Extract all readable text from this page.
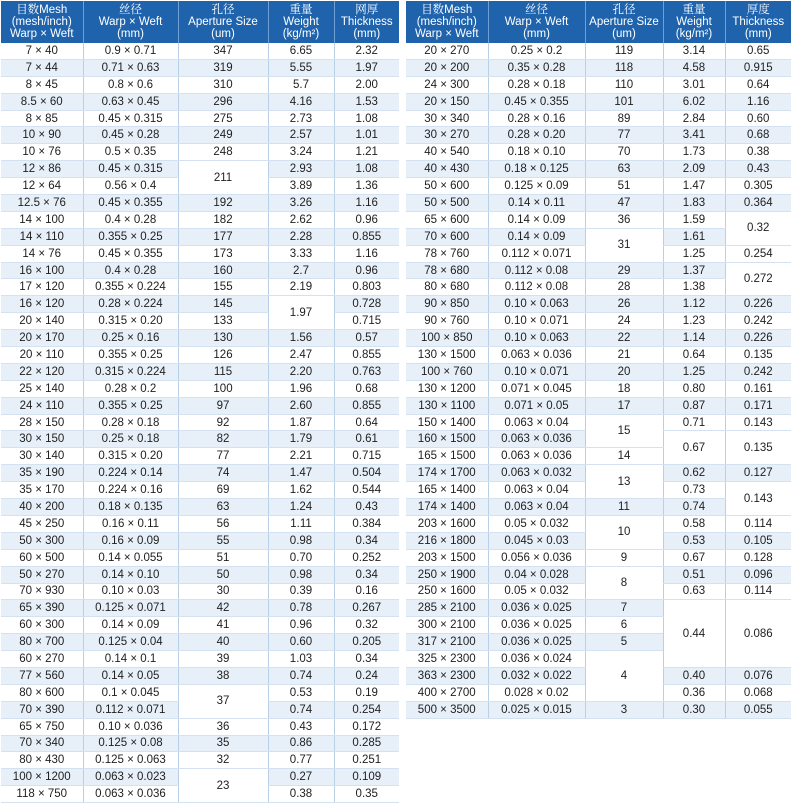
目数Mesh
(mesh/inch)
Warp × Weft	丝径
Warp × Weft
(mm)	孔径
Aperture Size
(um)	重量
Weight
(kg/m²)	网厚
Thickness
(mm)

7 × 40	0.9 × 0.71	347	6.65	2.32
7 × 44	0.71 × 0.63	319	5.55	1.97
8 × 45	0.8 × 0.6	310	5.7	2.00
8.5 × 60	0.63 × 0.45	296	4.16	1.53
8 × 85	0.45 × 0.315	275	2.73	1.08
10 × 90	0.45 × 0.28	249	2.57	1.01
10 × 76	0.5 × 0.35	248	3.24	1.21
12 × 86	0.45 × 0.315	211	2.93	1.08
12 × 64	0.56 × 0.4		3.89	1.36
12.5 × 76	0.45 × 0.355	192	3.26	1.16
14 × 100	0.4 × 0.28	182	2.62	0.96
14 × 110	0.355 × 0.25	177	2.28	0.855
14 × 76	0.45 × 0.355	173	3.33	1.16
16 × 100	0.4 × 0.28	160	2.7	0.96
17 × 120	0.355 × 0.224	155	2.19	0.803
16 × 120	0.28 × 0.224	145	1.97	0.728
20 × 140	0.315 × 0.20	133		0.715
20 × 170	0.25 × 0.16	130	1.56	0.57
20 × 110	0.355 × 0.25	126	2.47	0.855
22 × 120	0.315 × 0.224	115	2.20	0.763
25 × 140	0.28 × 0.2	100	1.96	0.68
24 × 110	0.355 × 0.25	97	2.60	0.855
28 × 150	0.28 × 0.18	92	1.87	0.64
30 × 150	0.25 × 0.18	82	1.79	0.61
30 × 140	0.315 × 0.20	77	2.21	0.715
35 × 190	0.224 × 0.14	74	1.47	0.504
35 × 170	0.224 × 0.16	69	1.62	0.544
40 × 200	0.18 × 0.135	63	1.24	0.43
45 × 250	0.16 × 0.11	56	1.11	0.384
50 × 300	0.16 × 0.09	55	0.98	0.34
60 × 500	0.14 × 0.055	51	0.70	0.252
50 × 270	0.14 × 0.10	50	0.98	0.34
70 × 930	0.10 × 0.03	30	0.39	0.16
65 × 390	0.125 × 0.071	42	0.78	0.267
60 × 300	0.14 × 0.09	41	0.96	0.32
80 × 700	0.125 × 0.04	40	0.60	0.205
60 × 270	0.14 × 0.1	39	1.03	0.34
77 × 560	0.14 × 0.05	38	0.74	0.24
80 × 600	0.1 × 0.045	37	0.53	0.19
70 × 390	0.112 × 0.071		0.74	0.254
65 × 750	0.10 × 0.036	36	0.43	0.172
70 × 340	0.125 × 0.08	35	0.86	0.285
80 × 430	0.125 × 0.063	32	0.77	0.251
100 × 1200	0.063 × 0.023	23	0.27	0.109
118 × 750	0.063 × 0.036		0.38	0.35
目数Mesh
(mesh/inch)
Warp × Weft	丝径
Warp × Weft
(mm)	孔径
Aperture Size
(um)	重量
Weight
(kg/m²)	厚度
Thickness
(mm)

20 × 270	0.25 × 0.2	119	3.14	0.65
20 × 200	0.35 × 0.28	118	4.58	0.915
24 × 300	0.28 × 0.18	110	3.01	0.64
20 × 150	0.45 × 0.355	101	6.02	1.16
30 × 340	0.28 × 0.16	89	2.84	0.60
30 × 270	0.28 × 0.20	77	3.41	0.68
40 × 540	0.18 × 0.10	70	1.73	0.38
40 × 430	0.18 × 0.125	63	2.09	0.43
50 × 600	0.125 × 0.09	51	1.47	0.305
50 × 500	0.14 × 0.11	47	1.83	0.364
65 × 600	0.14 × 0.09	36	1.59	0.32
70 × 600	0.14 × 0.09	31	1.61	
78 × 760	0.112 × 0.071		1.25	0.254
78 × 680	0.112 × 0.08	29	1.37	0.272
80 × 680	0.112 × 0.08	28	1.38	
90 × 850	0.10 × 0.063	26	1.12	0.226
90 × 760	0.10 × 0.071	24	1.23	0.242
100 × 850	0.10 × 0.063	22	1.14	0.226
130 × 1500	0.063 × 0.036	21	0.64	0.135
100 × 760	0.10 × 0.071	20	1.25	0.242
130 × 1200	0.071 × 0.045	18	0.80	0.161
130 × 1100	0.071 × 0.05	17	0.87	0.171
150 × 1400	0.063 × 0.04	15	0.71	0.143
160 × 1500	0.063 × 0.036		0.67	0.135
165 × 1500	0.063 × 0.036	14		
174 × 1700	0.063 × 0.032	13	0.62	0.127
165 × 1400	0.063 × 0.04		0.73	0.143
174 × 1400	0.063 × 0.04	11	0.74	
203 × 1600	0.05 × 0.032	10	0.58	0.114
216 × 1800	0.045 × 0.03		0.53	0.105
203 × 1500	0.056 × 0.036	9	0.67	0.128
250 × 1900	0.04 × 0.028	8	0.51	0.096
250 × 1600	0.05 × 0.032		0.63	0.114
285 × 2100	0.036 × 0.025	7	0.44	0.086
300 × 2100	0.036 × 0.025	6		
317 × 2100	0.036 × 0.025	5		
325 × 2300	0.036 × 0.024	4		
363 × 2300	0.032 × 0.022		0.40	0.076
400 × 2700	0.028 × 0.02		0.36	0.068
500 × 3500	0.025 × 0.015	3	0.30	0.055
